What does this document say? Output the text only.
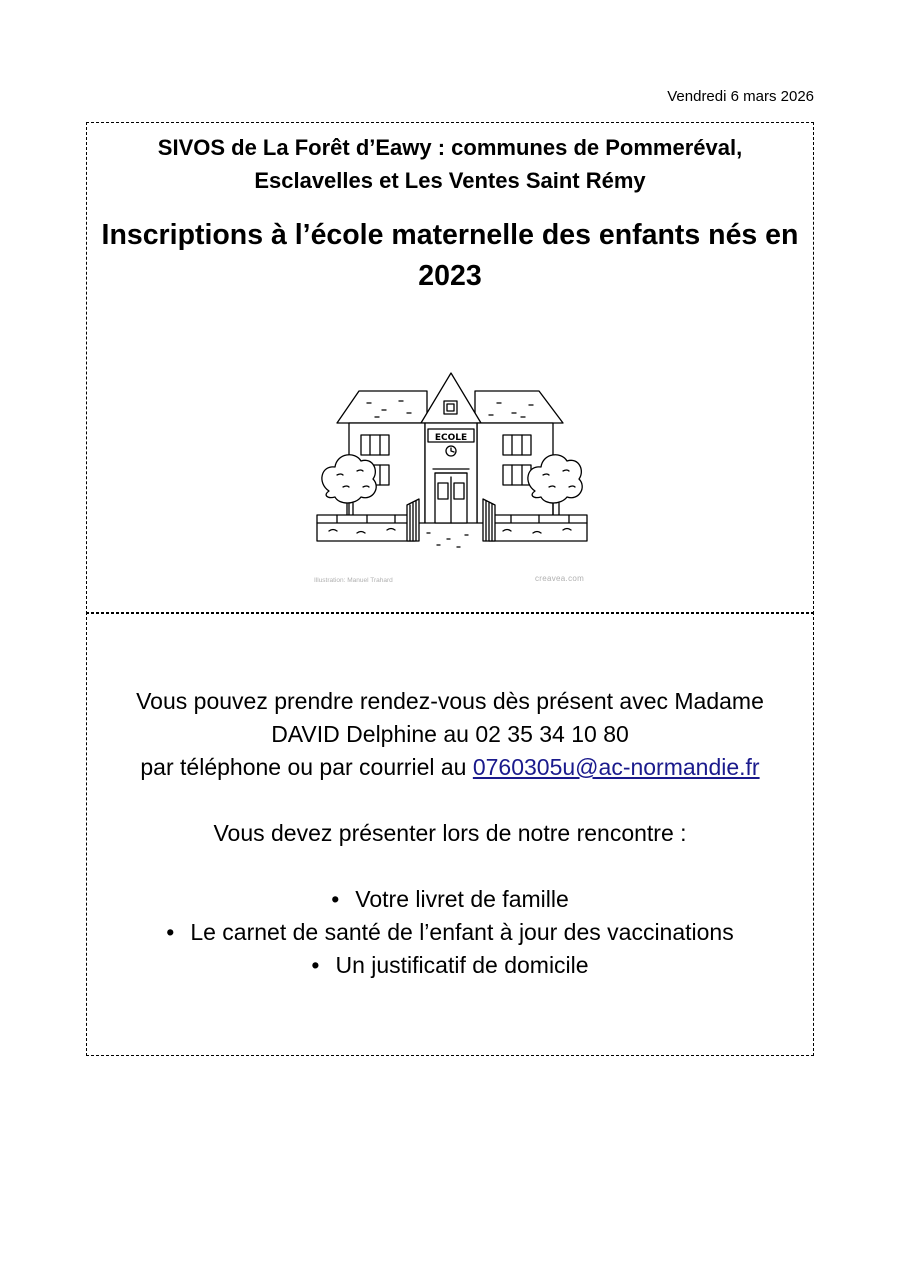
Vendredi 6 mars 2026
SIVOS de La Forêt d’Eawy : communes de Pommeréval,
Esclavelles et Les Ventes Saint Rémy
Inscriptions à l’école maternelle des enfants nés en
2023
ECOLE
Illustration: Manuel Trahard	creavea.com

Vous pouvez prendre rendez-vous dès présent avec Madame

DAVID Delphine au 02 35 34 10 80

par téléphone ou par courriel au 0760305u@ac-normandie.fr

Vous devez présenter lors de notre rencontre :

• Votre livret de famille
• Le carnet de santé de l’enfant à jour des vaccinations
• Un justificatif de domicile
